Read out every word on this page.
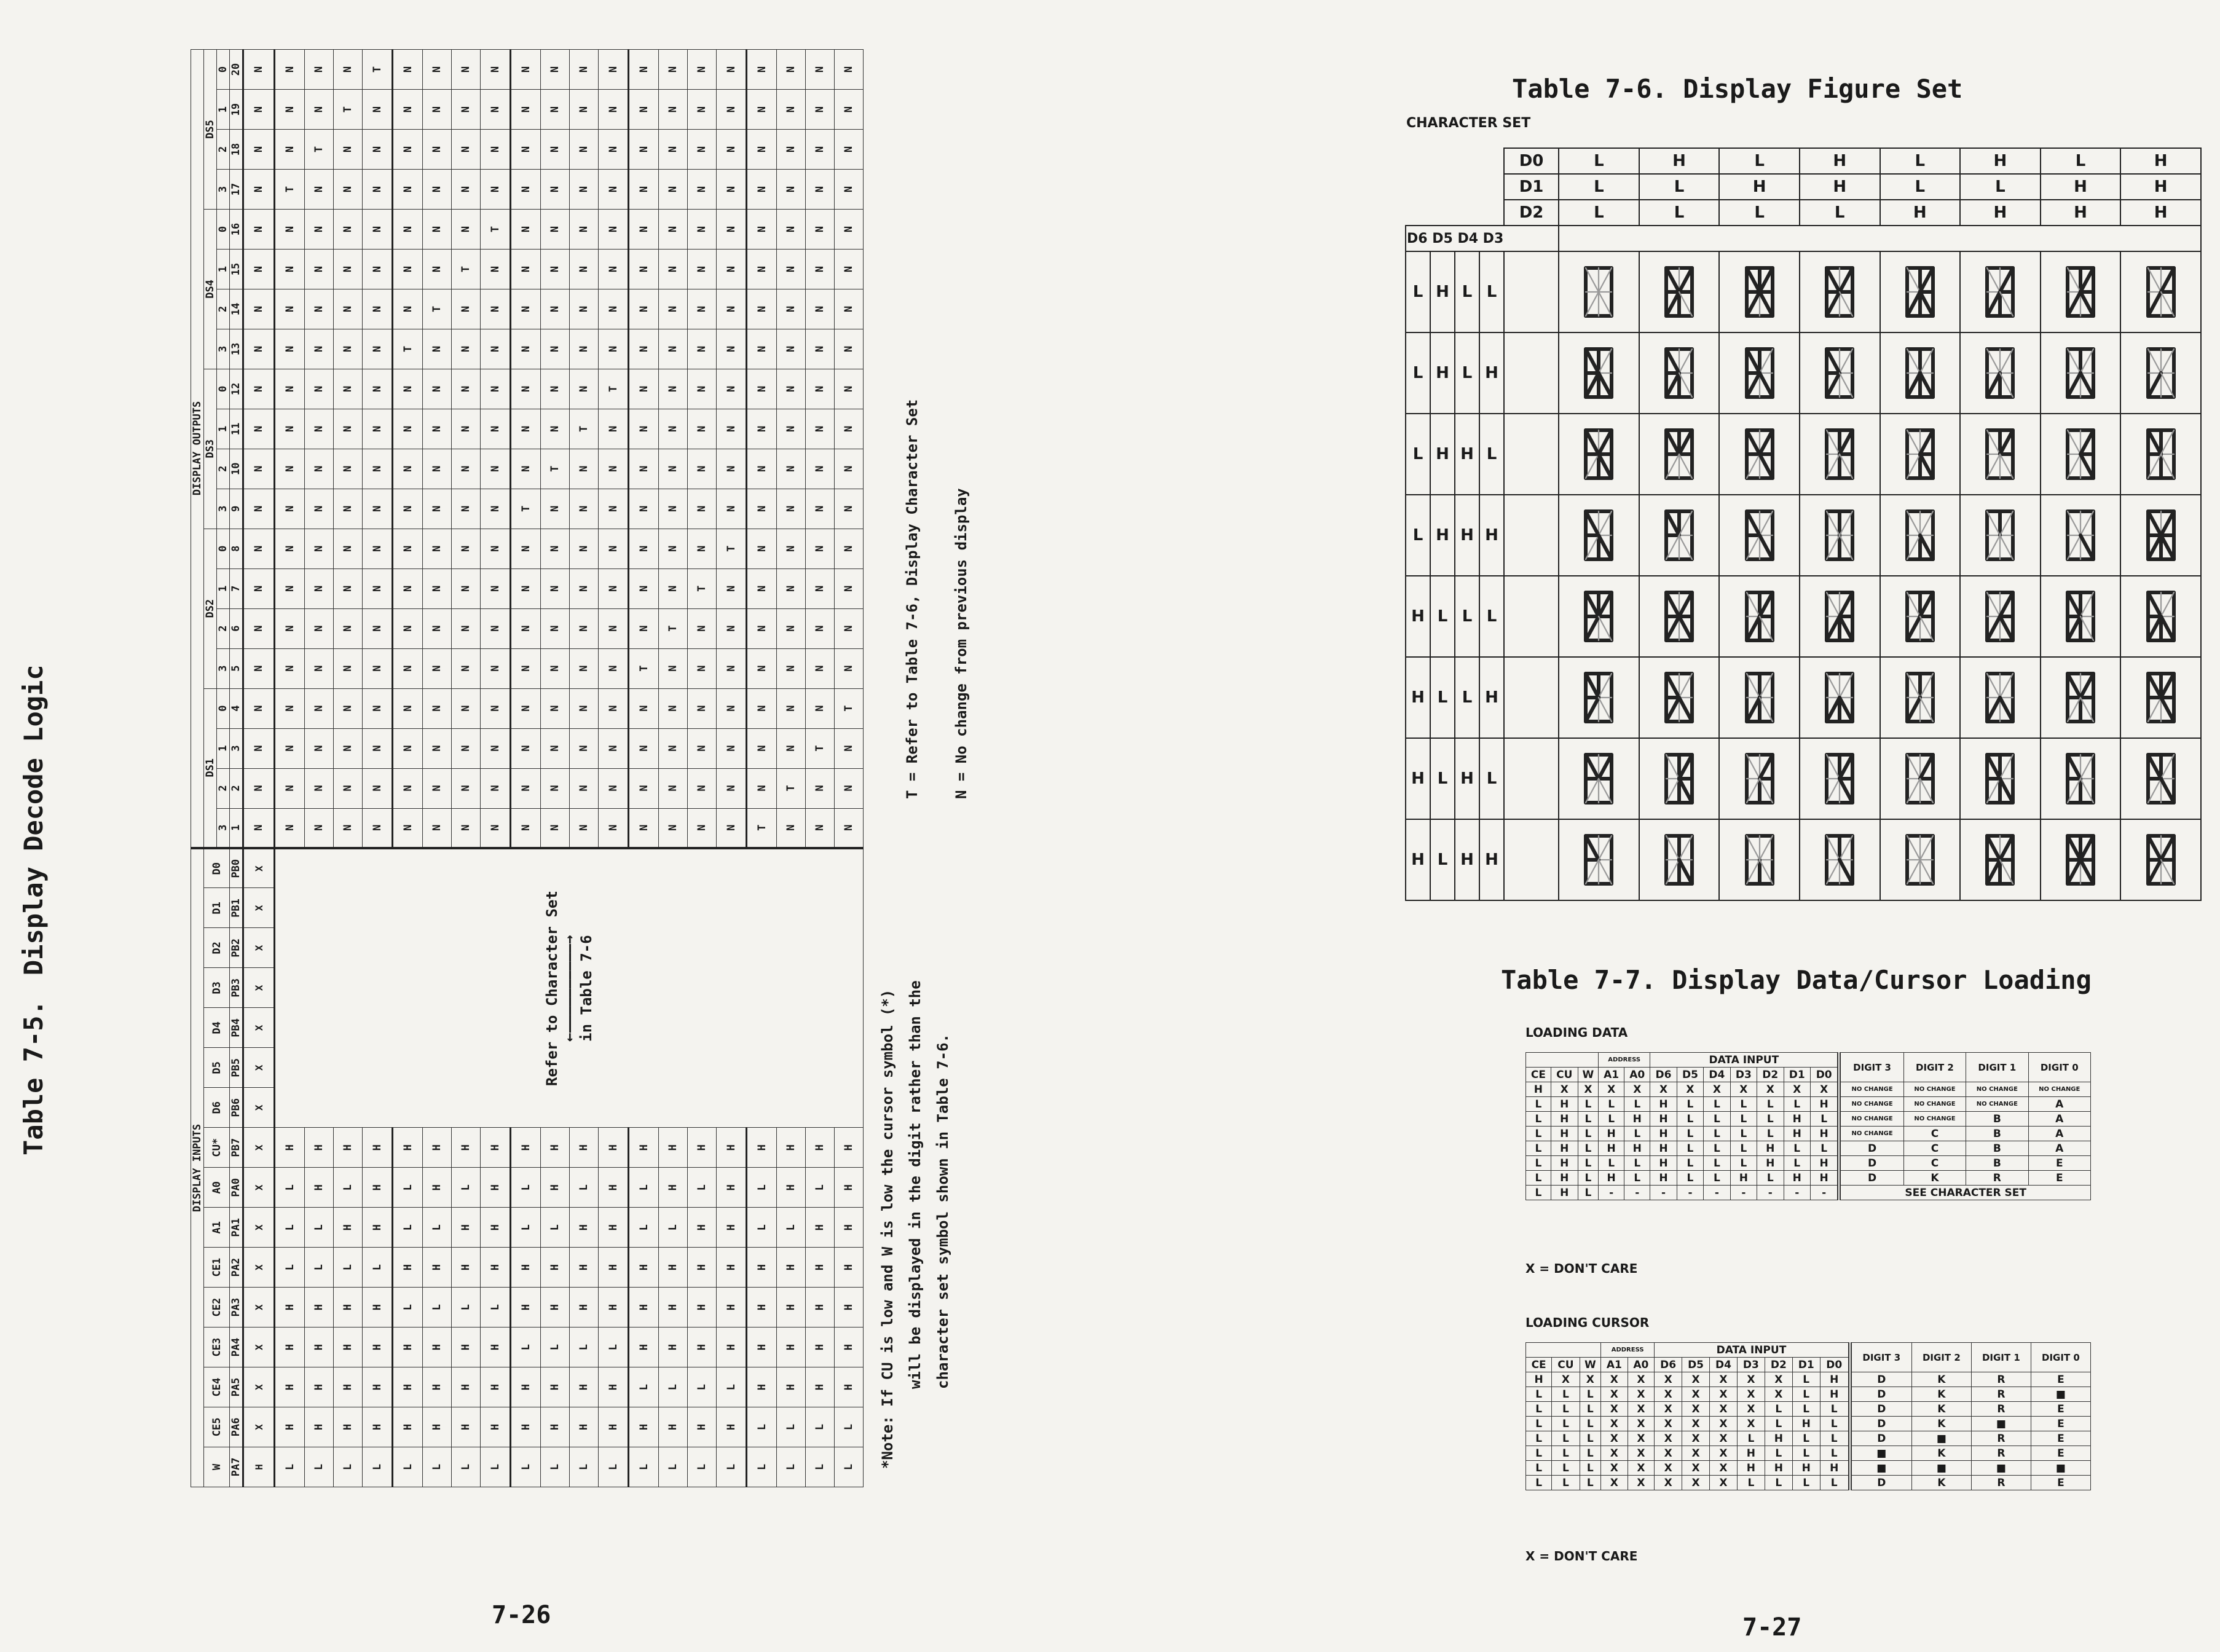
Table 7-5.Display Decode Logic
DISPLAY INPUTS																DISPLAY OUTPUTS																			
W	CE5	CE4	CE3	CE2	CE1	A1	A0	CU*	D6	D5	D4	D3	D2	D1	D0	DS1				DS2				DS3				DS4				DS5			
																3	2	1	0	3	2	1	0	3	2	1	0	3	2	1	0	3	2	1	0
PA7	PA6	PA5	PA4	PA3	PA2	PA1	PA0	PB7	PB6	PB5	PB4	PB3	PB2	PB1	PB0	1	2	3	4	5	6	7	8	9	10	11	12	13	14	15	16	17	18	19	20
H	X	X	X	X	X	X	X	X	X	X	X	X	X	X	X	N	N	N	N	N	N	N	N	N	N	N	N	N	N	N	N	N	N	N	N
L	H	H	H	H	L	L	L	H	Refer to Character Set ←——————————→ in Table 7-6							N	N	N	N	N	N	N	N	N	N	N	N	N	N	N	N	T	N	N	N
L	H	H	H	H	L	L	H	H								N	N	N	N	N	N	N	N	N	N	N	N	N	N	N	N	N	T	N	N
L	H	H	H	H	L	H	L	H								N	N	N	N	N	N	N	N	N	N	N	N	N	N	N	N	N	N	T	N
L	H	H	H	H	L	H	H	H								N	N	N	N	N	N	N	N	N	N	N	N	N	N	N	N	N	N	N	T
L	H	H	H	L	H	L	L	H								N	N	N	N	N	N	N	N	N	N	N	N	T	N	N	N	N	N	N	N
L	H	H	H	L	H	L	H	H								N	N	N	N	N	N	N	N	N	N	N	N	N	T	N	N	N	N	N	N
L	H	H	H	L	H	H	L	H								N	N	N	N	N	N	N	N	N	N	N	N	N	N	T	N	N	N	N	N
L	H	H	H	L	H	H	H	H								N	N	N	N	N	N	N	N	N	N	N	N	N	N	N	T	N	N	N	N
L	H	H	L	H	H	L	L	H								N	N	N	N	N	N	N	N	T	N	N	N	N	N	N	N	N	N	N	N
L	H	H	L	H	H	L	H	H								N	N	N	N	N	N	N	N	N	T	N	N	N	N	N	N	N	N	N	N
L	H	H	L	H	H	H	L	H								N	N	N	N	N	N	N	N	N	N	T	N	N	N	N	N	N	N	N	N
L	H	H	L	H	H	H	H	H								N	N	N	N	N	N	N	N	N	N	N	T	N	N	N	N	N	N	N	N
L	H	L	H	H	H	L	L	H								N	N	N	N	T	N	N	N	N	N	N	N	N	N	N	N	N	N	N	N
L	H	L	H	H	H	L	H	H								N	N	N	N	N	T	N	N	N	N	N	N	N	N	N	N	N	N	N	N
L	H	L	H	H	H	H	L	H								N	N	N	N	N	N	T	N	N	N	N	N	N	N	N	N	N	N	N	N
L	H	L	H	H	H	H	H	H								N	N	N	N	N	N	N	T	N	N	N	N	N	N	N	N	N	N	N	N
L	L	H	H	H	H	L	L	H								T	N	N	N	N	N	N	N	N	N	N	N	N	N	N	N	N	N	N	N
L	L	H	H	H	H	L	H	H								N	T	N	N	N	N	N	N	N	N	N	N	N	N	N	N	N	N	N	N
L	L	H	H	H	H	H	L	H								N	N	T	N	N	N	N	N	N	N	N	N	N	N	N	N	N	N	N	N
L	L	H	H	H	H	H	H	H								N	N	N	T	N	N	N	N	N	N	N	N	N	N	N	N	N	N	N	N
T = Refer to Table 7-6, Display Character Set N = No change from previous display
*Note: If CU is low and W is low the cursor symbol (*) will be displayed in the digit rather than the character set symbol shown in Table 7-6.
7-26
Table 7-6. Display Figure Set
CHARACTER SET
				D0	L	H	L	H	L	H	L	H
				D1	L	L	H	H	L	L	H	H
				D2	L	L	L	L	H	H	H	H
D6 D5 D4 D3												
L	H	L	L									
L	H	L	H									
L	H	H	L									
L	H	H	H									
H	L	L	L									
H	L	L	H									
H	L	H	L									
H	L	H	H									
Table 7-7. Display Data/Cursor Loading
LOADING DATA
			ADDRESS		DATA INPUT							DIGIT 3	DIGIT 2	DIGIT 1	DIGIT 0
CE	CU	W	A1	A0	D6	D5	D4	D3	D2	D1	D0				
H	X	X	X	X	X	X	X	X	X	X	X	NO CHANGE	NO CHANGE	NO CHANGE	NO CHANGE
L	H	L	L	L	H	L	L	L	L	L	H	NO CHANGE	NO CHANGE	NO CHANGE	A
L	H	L	L	H	H	L	L	L	L	H	L	NO CHANGE	NO CHANGE	B	A
L	H	L	H	L	H	L	L	L	L	H	H	NO CHANGE	C	B	A
L	H	L	H	H	H	L	L	L	H	L	L	D	C	B	A
L	H	L	L	L	H	L	L	L	H	L	H	D	C	B	E
L	H	L	H	L	H	L	L	H	L	H	H	D	K	R	E
L	H	L	-	-	-	-	-	-	-	-	-	SEE CHARACTER SET			
X = DON'T CARE
LOADING CURSOR
			ADDRESS		DATA INPUT							DIGIT 3	DIGIT 2	DIGIT 1	DIGIT 0
CE	CU	W	A1	A0	D6	D5	D4	D3	D2	D1	D0				
H	X	X	X	X	X	X	X	X	X	L	H	D	K	R	E
L	L	L	X	X	X	X	X	X	X	L	H	D	K	R	■
L	L	L	X	X	X	X	X	X	L	L	L	D	K	R	E
L	L	L	X	X	X	X	X	X	L	H	L	D	K	■	E
L	L	L	X	X	X	X	X	L	H	L	L	D	■	R	E
L	L	L	X	X	X	X	X	H	L	L	L	■	K	R	E
L	L	L	X	X	X	X	X	H	H	H	H	■	■	■	■
L	L	L	X	X	X	X	X	L	L	L	L	D	K	R	E
X = DON'T CARE
7-27
